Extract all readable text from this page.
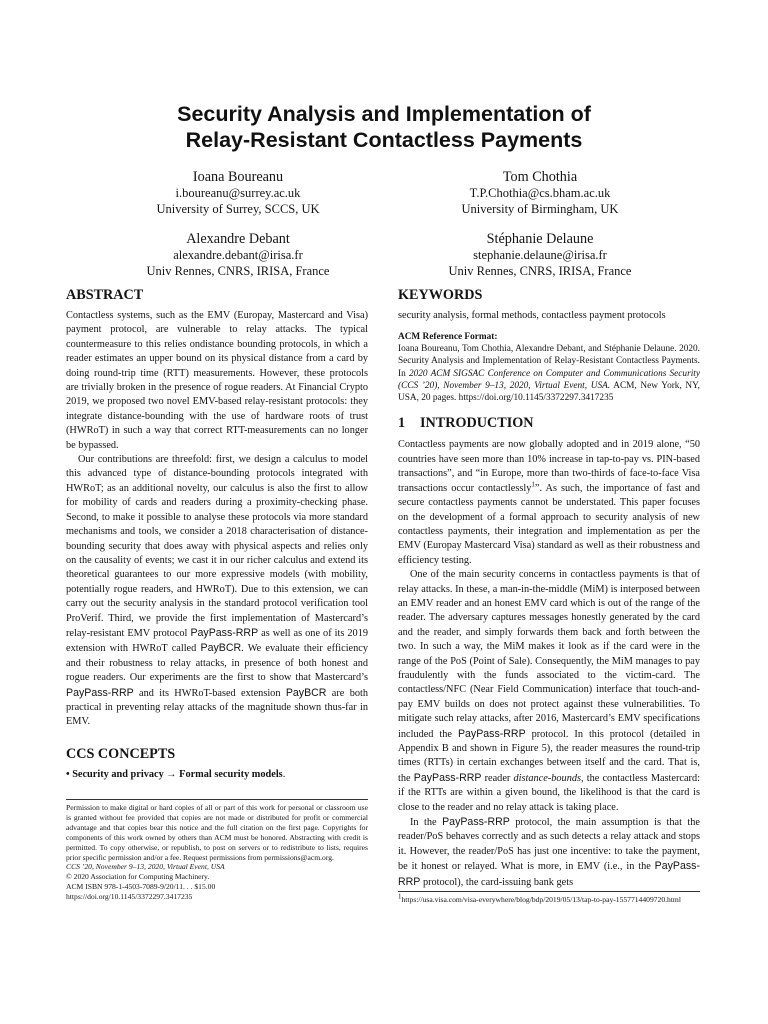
Security Analysis and Implementation of
Relay-Resistant Contactless Payments
Ioana Boureanu
i.boureanu@surrey.ac.uk
University of Surrey, SCCS, UK
Tom Chothia
T.P.Chothia@cs.bham.ac.uk
University of Birmingham, UK
Alexandre Debant
alexandre.debant@irisa.fr
Univ Rennes, CNRS, IRISA, France
Stéphanie Delaune
stephanie.delaune@irisa.fr
Univ Rennes, CNRS, IRISA, France
ABSTRACT

Contactless systems, such as the EMV (Europay, Mastercard and Visa) payment protocol, are vulnerable to relay attacks. The typical countermeasure to this relies ondistance bounding protocols, in which a reader estimates an upper bound on its physical distance from a card by doing round-trip time (RTT) measurements. However, these protocols are trivially broken in the presence of rogue readers. At Financial Crypto 2019, we proposed two novel EMV-based relay-resistant protocols: they integrate distance-bounding with the use of hardware roots of trust (HWRoT) in such a way that correct RTT-measurements can no longer be bypassed.

Our contributions are threefold: first, we design a calculus to model this advanced type of distance-bounding protocols integrated with HWRoT; as an additional novelty, our calculus is also the first to allow for mobility of cards and readers during a proximity-checking phase. Second, to make it possible to analyse these protocols via more standard mechanisms and tools, we consider a 2018 characterisation of distance-bounding security that does away with physical aspects and relies only on the causality of events; we cast it in our richer calculus and extend its theoretical guarantees to our more expressive models (with mobility, potentially rogue readers, and HWRoT). Due to this extension, we can carry out the security analysis in the standard protocol verification tool ProVerif. Third, we provide the first implementation of Mastercard’s relay-resistant EMV protocol PayPass-RRP as well as one of its 2019 extension with HWRoT called PayBCR. We evaluate their efficiency and their robustness to relay attacks, in presence of both honest and rogue readers. Our experiments are the first to show that Mastercard’s PayPass-RRP and its HWRoT-based extension PayBCR are both practical in preventing relay attacks of the magnitude shown thus-far in EMV.

CCS CONCEPTS
• Security and privacy → Formal security models.
Permission to make digital or hard copies of all or part of this work for personal or classroom use is granted without fee provided that copies are not made or distributed for profit or commercial advantage and that copies bear this notice and the full citation on the first page. Copyrights for components of this work owned by others than ACM must be honored. Abstracting with credit is permitted. To copy otherwise, or republish, to post on servers or to redistribute to lists, requires prior specific permission and/or a fee. Request permissions from permissions@acm.org.
CCS ’20, November 9–13, 2020, Virtual Event, USA
© 2020 Association for Computing Machinery.
ACM ISBN 978-1-4503-7089-9/20/11. . . $15.00
https://doi.org/10.1145/3372297.3417235
KEYWORDS
security analysis, formal methods, contactless payment protocols
ACM Reference Format:
Ioana Boureanu, Tom Chothia, Alexandre Debant, and Stéphanie Delaune. 2020. Security Analysis and Implementation of Relay-Resistant Contactless Payments. In 2020 ACM SIGSAC Conference on Computer and Communications Security (CCS ’20), November 9–13, 2020, Virtual Event, USA. ACM, New York, NY, USA, 20 pages. https://doi.org/10.1145/3372297.3417235
1 INTRODUCTION

Contactless payments are now globally adopted and in 2019 alone, “50 countries have seen more than 10% increase in tap-to-pay vs. PIN-based transactions”, and “in Europe, more than two-thirds of face-to-face Visa transactions occur contactlessly$^1$”. As such, the importance of fast and secure contactless payments cannot be understated. This paper focuses on the development of a formal approach to security analysis of new contactless payments, their integration and implementation as per the EMV (Europay Mastercard Visa) standard as well as their robustness and efficiency testing.

One of the main security concerns in contactless payments is that of relay attacks. In these, a man-in-the-middle (MiM) is interposed between an EMV reader and an honest EMV card which is out of the range of the reader. The adversary captures messages honestly generated by the card and the reader, and simply forwards them back and forth between the two. In such a way, the MiM makes it look as if the card were in the range of the PoS (Point of Sale). Consequently, the MiM manages to pay fraudulently with the funds associated to the victim-card. The contactless/NFC (Near Field Communication) interface that touch-and-pay EMV builds on does not protect against these vulnerabilities. To mitigate such relay attacks, after 2016, Mastercard’s EMV specifications included the PayPass-RRP protocol. In this protocol (detailed in Appendix B and shown in Figure 5), the reader measures the round-trip times (RTTs) in certain exchanges between itself and the card. That is, the PayPass-RRP reader distance-bounds, the contactless Mastercard: if the RTTs are within a given bound, the likelihood is that the card is close to the reader and no relay attack is taking place.

In the PayPass-RRP protocol, the main assumption is that the reader/PoS behaves correctly and as such detects a relay attack and stops it. However, the reader/PoS has just one incentive: to take the payment, be it honest or relayed. What is more, in EMV (i.e., in the PayPass-RRP protocol), the card-issuing bank gets

$^1$https://usa.visa.com/visa-everywhere/blog/bdp/2019/05/13/tap-to-pay-1557714409720.html
